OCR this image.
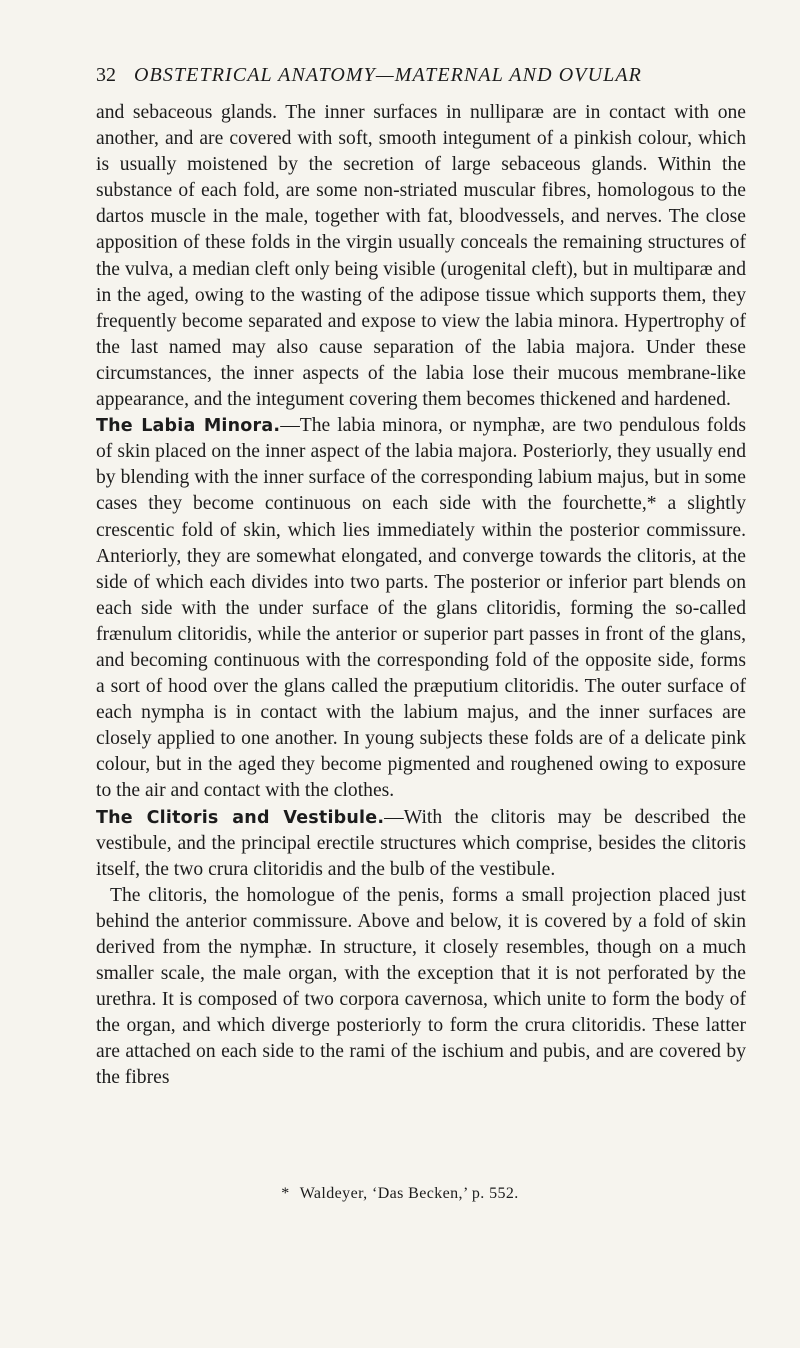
32 OBSTETRICAL ANATOMY—MATERNAL AND OVULAR

and sebaceous glands. The inner surfaces in nulliparæ are in contact with one another, and are covered with soft, smooth integument of a pinkish colour, which is usually moistened by the secretion of large sebaceous glands. Within the substance of each fold, are some non-striated muscular fibres, homologous to the dartos muscle in the male, together with fat, bloodvessels, and nerves. The close apposition of these folds in the virgin usually conceals the remaining structures of the vulva, a median cleft only being visible (urogenital cleft), but in multiparæ and in the aged, owing to the wasting of the adipose tissue which supports them, they frequently become separated and expose to view the labia minora. Hypertrophy of the last named may also cause separation of the labia majora. Under these circumstances, the inner aspects of the labia lose their mucous membrane-like appearance, and the integument covering them becomes thickened and hardened.

The Labia Minora.—The labia minora, or nymphæ, are two pendulous folds of skin placed on the inner aspect of the labia majora. Posteriorly, they usually end by blending with the inner surface of the corresponding labium majus, but in some cases they become continuous on each side with the fourchette,* a slightly crescentic fold of skin, which lies immediately within the posterior commissure. Anteriorly, they are somewhat elongated, and converge towards the clitoris, at the side of which each divides into two parts. The posterior or inferior part blends on each side with the under surface of the glans clitoridis, forming the so-called frænulum clitoridis, while the anterior or superior part passes in front of the glans, and becoming continuous with the corresponding fold of the opposite side, forms a sort of hood over the glans called the præputium clitoridis. The outer surface of each nympha is in contact with the labium majus, and the inner surfaces are closely applied to one another. In young subjects these folds are of a delicate pink colour, but in the aged they become pigmented and roughened owing to exposure to the air and contact with the clothes.

The Clitoris and Vestibule.—With the clitoris may be described the vestibule, and the principal erectile structures which comprise, besides the clitoris itself, the two crura clitoridis and the bulb of the vestibule.

The clitoris, the homologue of the penis, forms a small projection placed just behind the anterior commissure. Above and below, it is covered by a fold of skin derived from the nymphæ. In structure, it closely resembles, though on a much smaller scale, the male organ, with the exception that it is not perforated by the urethra. It is composed of two corpora cavernosa, which unite to form the body of the organ, and which diverge posteriorly to form the crura clitoridis. These latter are attached on each side to the rami of the ischium and pubis, and are covered by the fibres

* Waldeyer, ‘Das Becken,’ p. 552.
